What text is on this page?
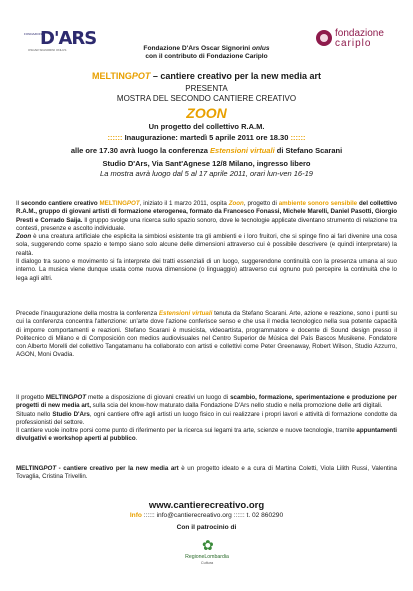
FONDAZIONE
D'ARS
OSCAR SIGNORINI ONLUS
fondazione
cariplo
Fondazione D'Ars Oscar Signorini onlus
con il contributo di Fondazione Cariplo
MELTINGPOT – cantiere creativo per la new media art
PRESENTA
MOSTRA DEL SECONDO CANTIERE CREATIVO
ZOON
Un progetto del collettivo R.A.M.
:::::: Inaugurazione: martedì 5 aprile 2011 ore 18.30 ::::::
alle ore 17.30 avrà luogo la conferenza Estensioni virtuali di Stefano Scarani
Studio D'Ars, Via Sant'Agnese 12/8 Milano, ingresso libero
La mostra avrà luogo dal 5 al 17 aprile 2011, orari lun-ven 16-19
Il secondo cantiere creativo MELTINGPOT, iniziato il 1 marzo 2011, ospita Zoon, progetto di ambiente sonoro sensibile del collettivo R.A.M., gruppo di giovani artisti di formazione eterogenea, formato da Francesco Fonassi, Michele Marelli, Daniel Pasotti, Giorgio Presti e Corrado Saija. Il gruppo svolge una ricerca sullo spazio sonoro, dove le tecnologie applicate diventano strumento di relazione tra contesti, presenze e ascolto individuale.
Zoon è una creatura artificiale che esplicita la simbiosi esistente tra gli ambienti e i loro fruitori, che si spinge fino ai fari divenire una cosa sola, suggerendo come spazio e tempo siano solo alcune delle dimensioni attraverso cui è possibile descrivere (e quindi interpretare) la realtà.
Il dialogo tra suono e movimento si fa interprete dei tratti essenziali di un luogo, suggerendone continuità con la presenza umana al suo interno. La musica viene dunque usata come nuova dimensione (o linguaggio) attraverso cui ognuno può percepire la continuità che lo lega agli altri.
Precede l'inaugurazione della mostra la conferenza Estensioni virtuali tenuta da Stefano Scarani. Arte, azione e reazione, sono i punti su cui la conferenza concentra l'attenzione: un'arte dove l'azione conferisce senso e che usa il media tecnologico nella sua potente capacità di imporre comportamenti e reazioni. Stefano Scarani è musicista, videoartista, programmatore e docente di Sound design presso il Politecnico di Milano e di Composición con medios audiovisuales nel Centro Superior de Música del País Bascos Musikene. Fondatore con Alberto Morelli del collettivo Tangatamanu ha collaborato con artisti e collettivi come Peter Greenaway, Robert Wilson, Studio Azzurro, AGON, Moni Ovadia.
Il progetto MELTINGPOT mette a disposizione di giovani creativi un luogo di scambio, formazione, sperimentazione e produzione per progetti di new media art, sulla scia del know-how maturato dalla Fondazione D'Ars nello studio e nella promozione delle arti digitali.
Situato nello Studio D'Ars, ogni cantiere offre agli artisti un luogo fisico in cui realizzare i propri lavori e attività di formazione condotte da professionisti del settore.
Il cantiere vuole inoltre porsi come punto di riferimento per la ricerca sui legami tra arte, scienze e nuove tecnologie, tramite appuntamenti divulgativi e workshop aperti al pubblico.
MELTINGPOT - cantiere creativo per la new media art è un progetto ideato e a cura di Martina Coletti, Viola Lilith Russi, Valentina Tovaglia, Cristina Trivellin.
www.cantierecreativo.org
Info :::::: info@cantierecreativo.org :::::: t. 02 860290
Con il patrocinio di
✿
RegioneLombardia
Cultura
